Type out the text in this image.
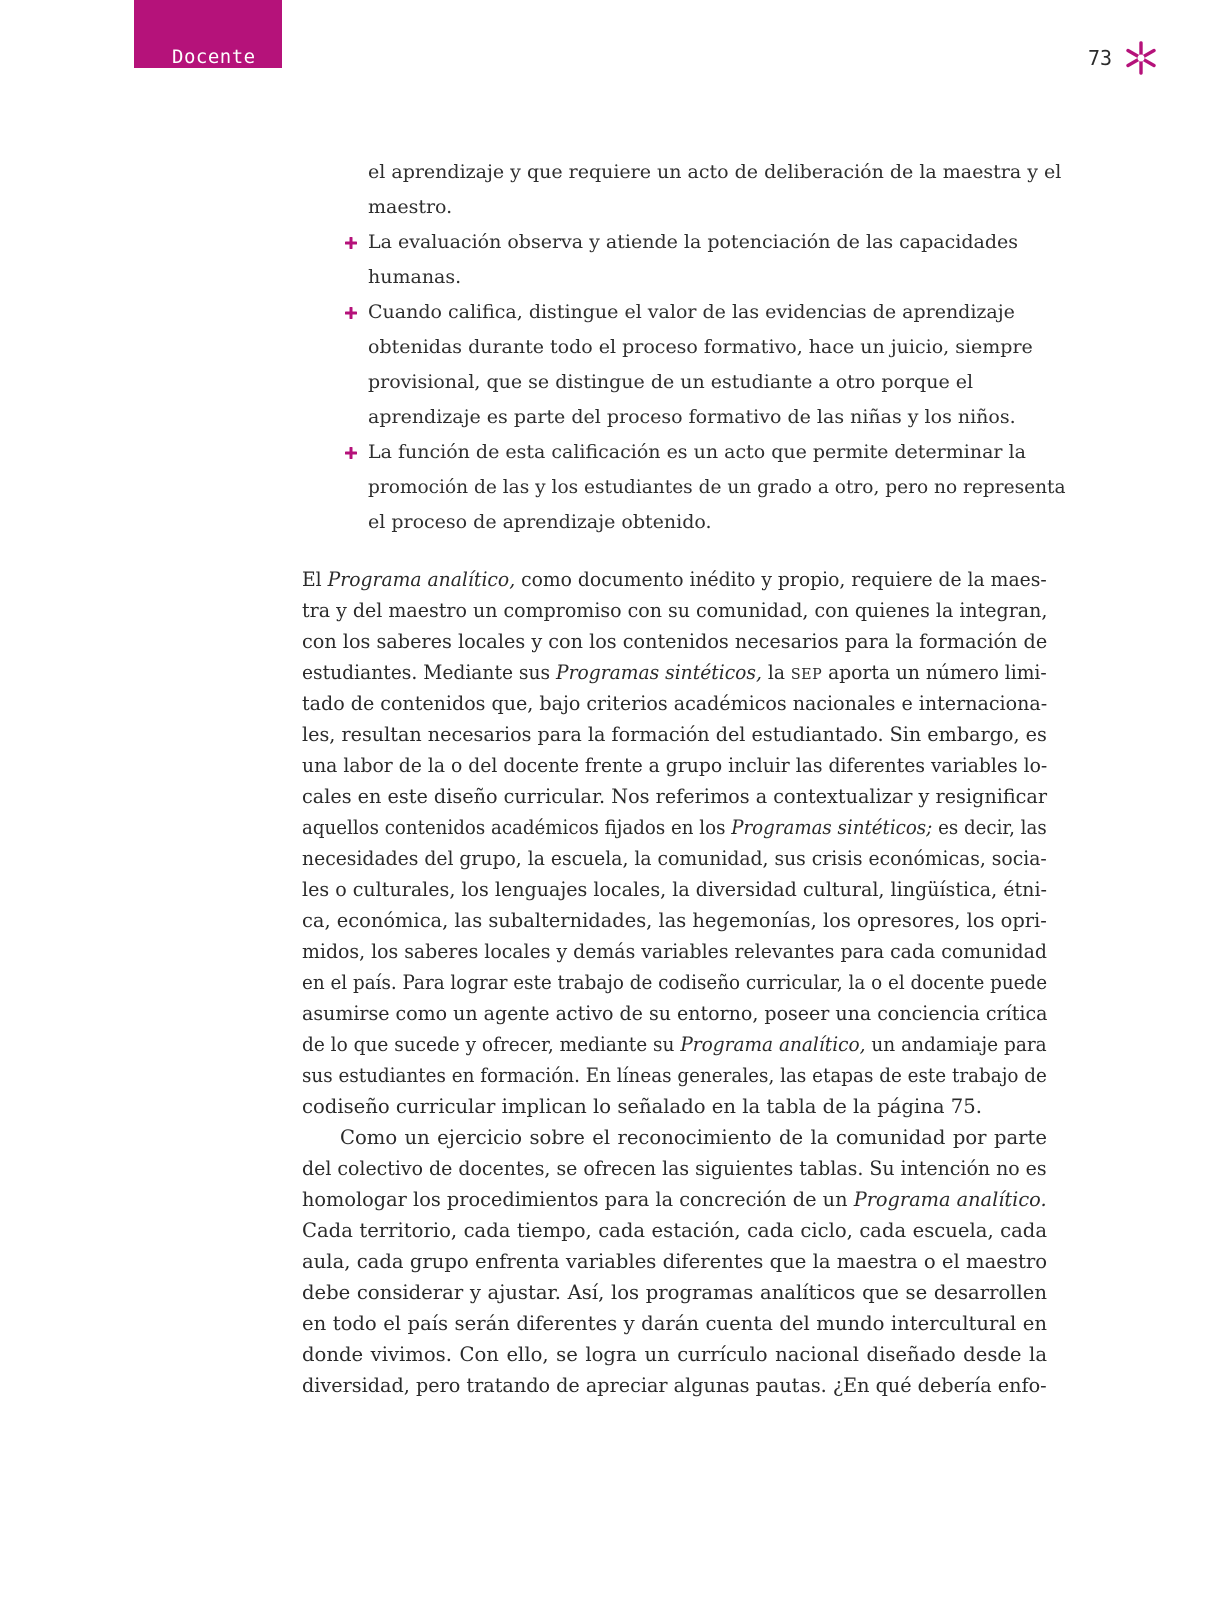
Docente	73
el aprendizaje y que requiere un acto de deliberación de la maestra y el
maestro.
La evaluación observa y atiende la potenciación de las capacidades
humanas.
Cuando califica, distingue el valor de las evidencias de aprendizaje
obtenidas durante todo el proceso formativo, hace un juicio, siempre
provisional, que se distingue de un estudiante a otro porque el
aprendizaje es parte del proceso formativo de las niñas y los niños.
La función de esta calificación es un acto que permite determinar la
promoción de las y los estudiantes de un grado a otro, pero no representa
el proceso de aprendizaje obtenido.
El Programa analítico, como documento inédito y propio, requiere de la maes-
tra y del maestro un compromiso con su comunidad, con quienes la integran,
con los saberes locales y con los contenidos necesarios para la formación de
estudiantes. Mediante sus Programas sintéticos, la SEP aporta un número limi-
tado de contenidos que, bajo criterios académicos nacionales e internaciona-
les, resultan necesarios para la formación del estudiantado. Sin embargo, es
una labor de la o del docente frente a grupo incluir las diferentes variables lo-
cales en este diseño curricular. Nos referimos a contextualizar y resignificar
aquellos contenidos académicos fijados en los Programas sintéticos; es decir, las
necesidades del grupo, la escuela, la comunidad, sus crisis económicas, socia-
les o culturales, los lenguajes locales, la diversidad cultural, lingüística, étni-
ca, económica, las subalternidades, las hegemonías, los opresores, los opri-
midos, los saberes locales y demás variables relevantes para cada comunidad
en el país. Para lograr este trabajo de codiseño curricular, la o el docente puede
asumirse como un agente activo de su entorno, poseer una conciencia crítica
de lo que sucede y ofrecer, mediante su Programa analítico, un andamiaje para
sus estudiantes en formación. En líneas generales, las etapas de este trabajo de
codiseño curricular implican lo señalado en la tabla de la página 75.
Como un ejercicio sobre el reconocimiento de la comunidad por parte
del colectivo de docentes, se ofrecen las siguientes tablas. Su intención no es
homologar los procedimientos para la concreción de un Programa analítico.
Cada territorio, cada tiempo, cada estación, cada ciclo, cada escuela, cada
aula, cada grupo enfrenta variables diferentes que la maestra o el maestro
debe considerar y ajustar. Así, los programas analíticos que se desarrollen
en todo el país serán diferentes y darán cuenta del mundo intercultural en
donde vivimos. Con ello, se logra un currículo nacional diseñado desde la
diversidad, pero tratando de apreciar algunas pautas. ¿En qué debería enfo-
